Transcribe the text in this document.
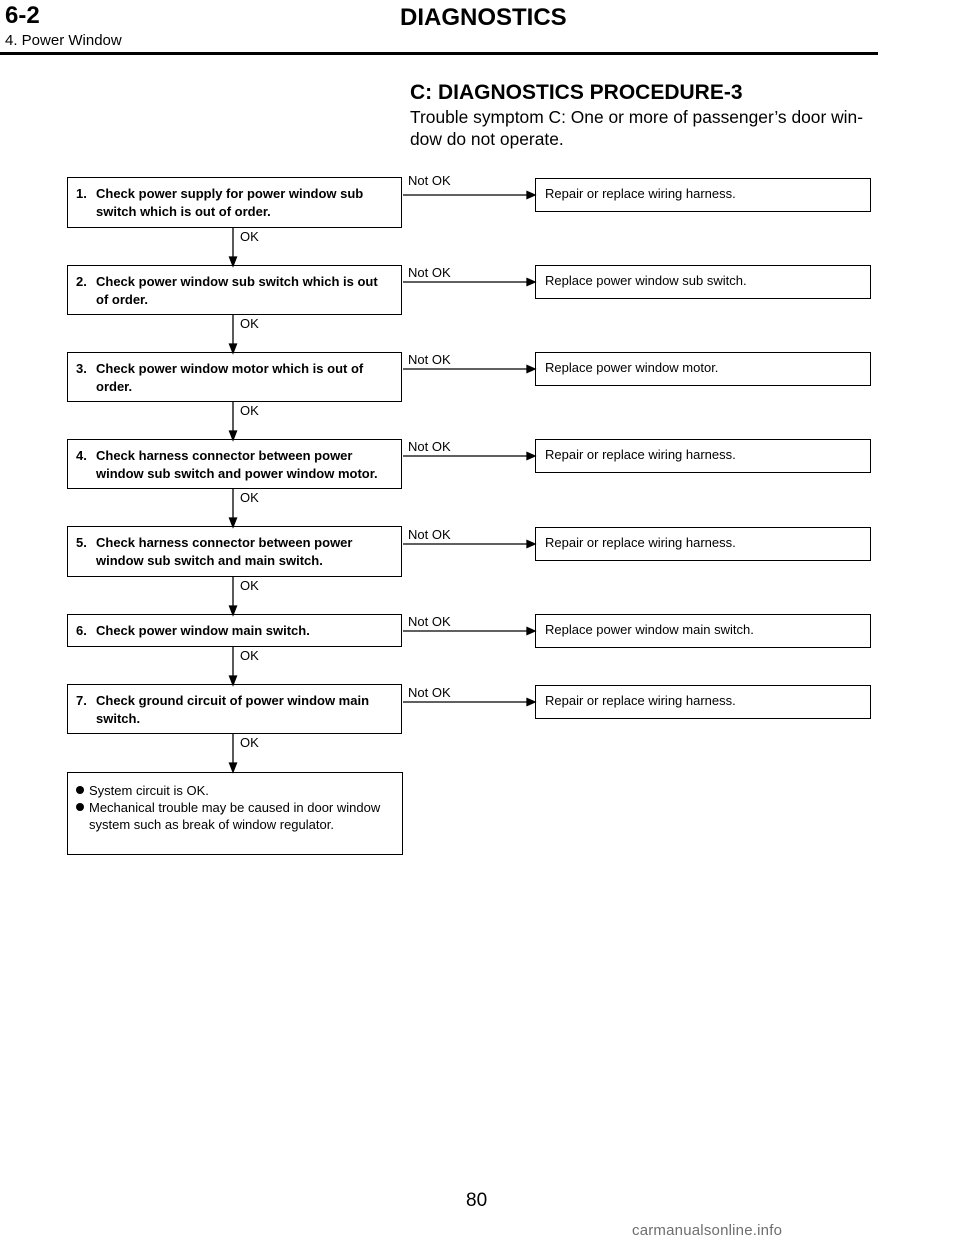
6-2	DIAGNOSTICS
4. Power Window
C: DIAGNOSTICS PROCEDURE-3
Trouble symptom C: One or more of passenger’s door win- dow do not operate.
1. Check power supply for power window sub switch which is out of order.
Not OK
Repair or replace wiring harness.
OK
2. Check power window sub switch which is out of order.
Not OK
Replace power window sub switch.
OK
3. Check power window motor which is out of order.
Not OK
Replace power window motor.
OK
4. Check harness connector between power window sub switch and power window motor.
Not OK
Repair or replace wiring harness.
OK
5. Check harness connector between power window sub switch and main switch.
Not OK
Repair or replace wiring harness.
OK
6. Check power window main switch.
Not OK
Replace power window main switch.
OK
7. Check ground circuit of power window main switch.
Not OK
Repair or replace wiring harness.
OK
System circuit is OK.
Mechanical trouble may be caused in door window system such as break of window regulator.
80
carmanualsonline.info
